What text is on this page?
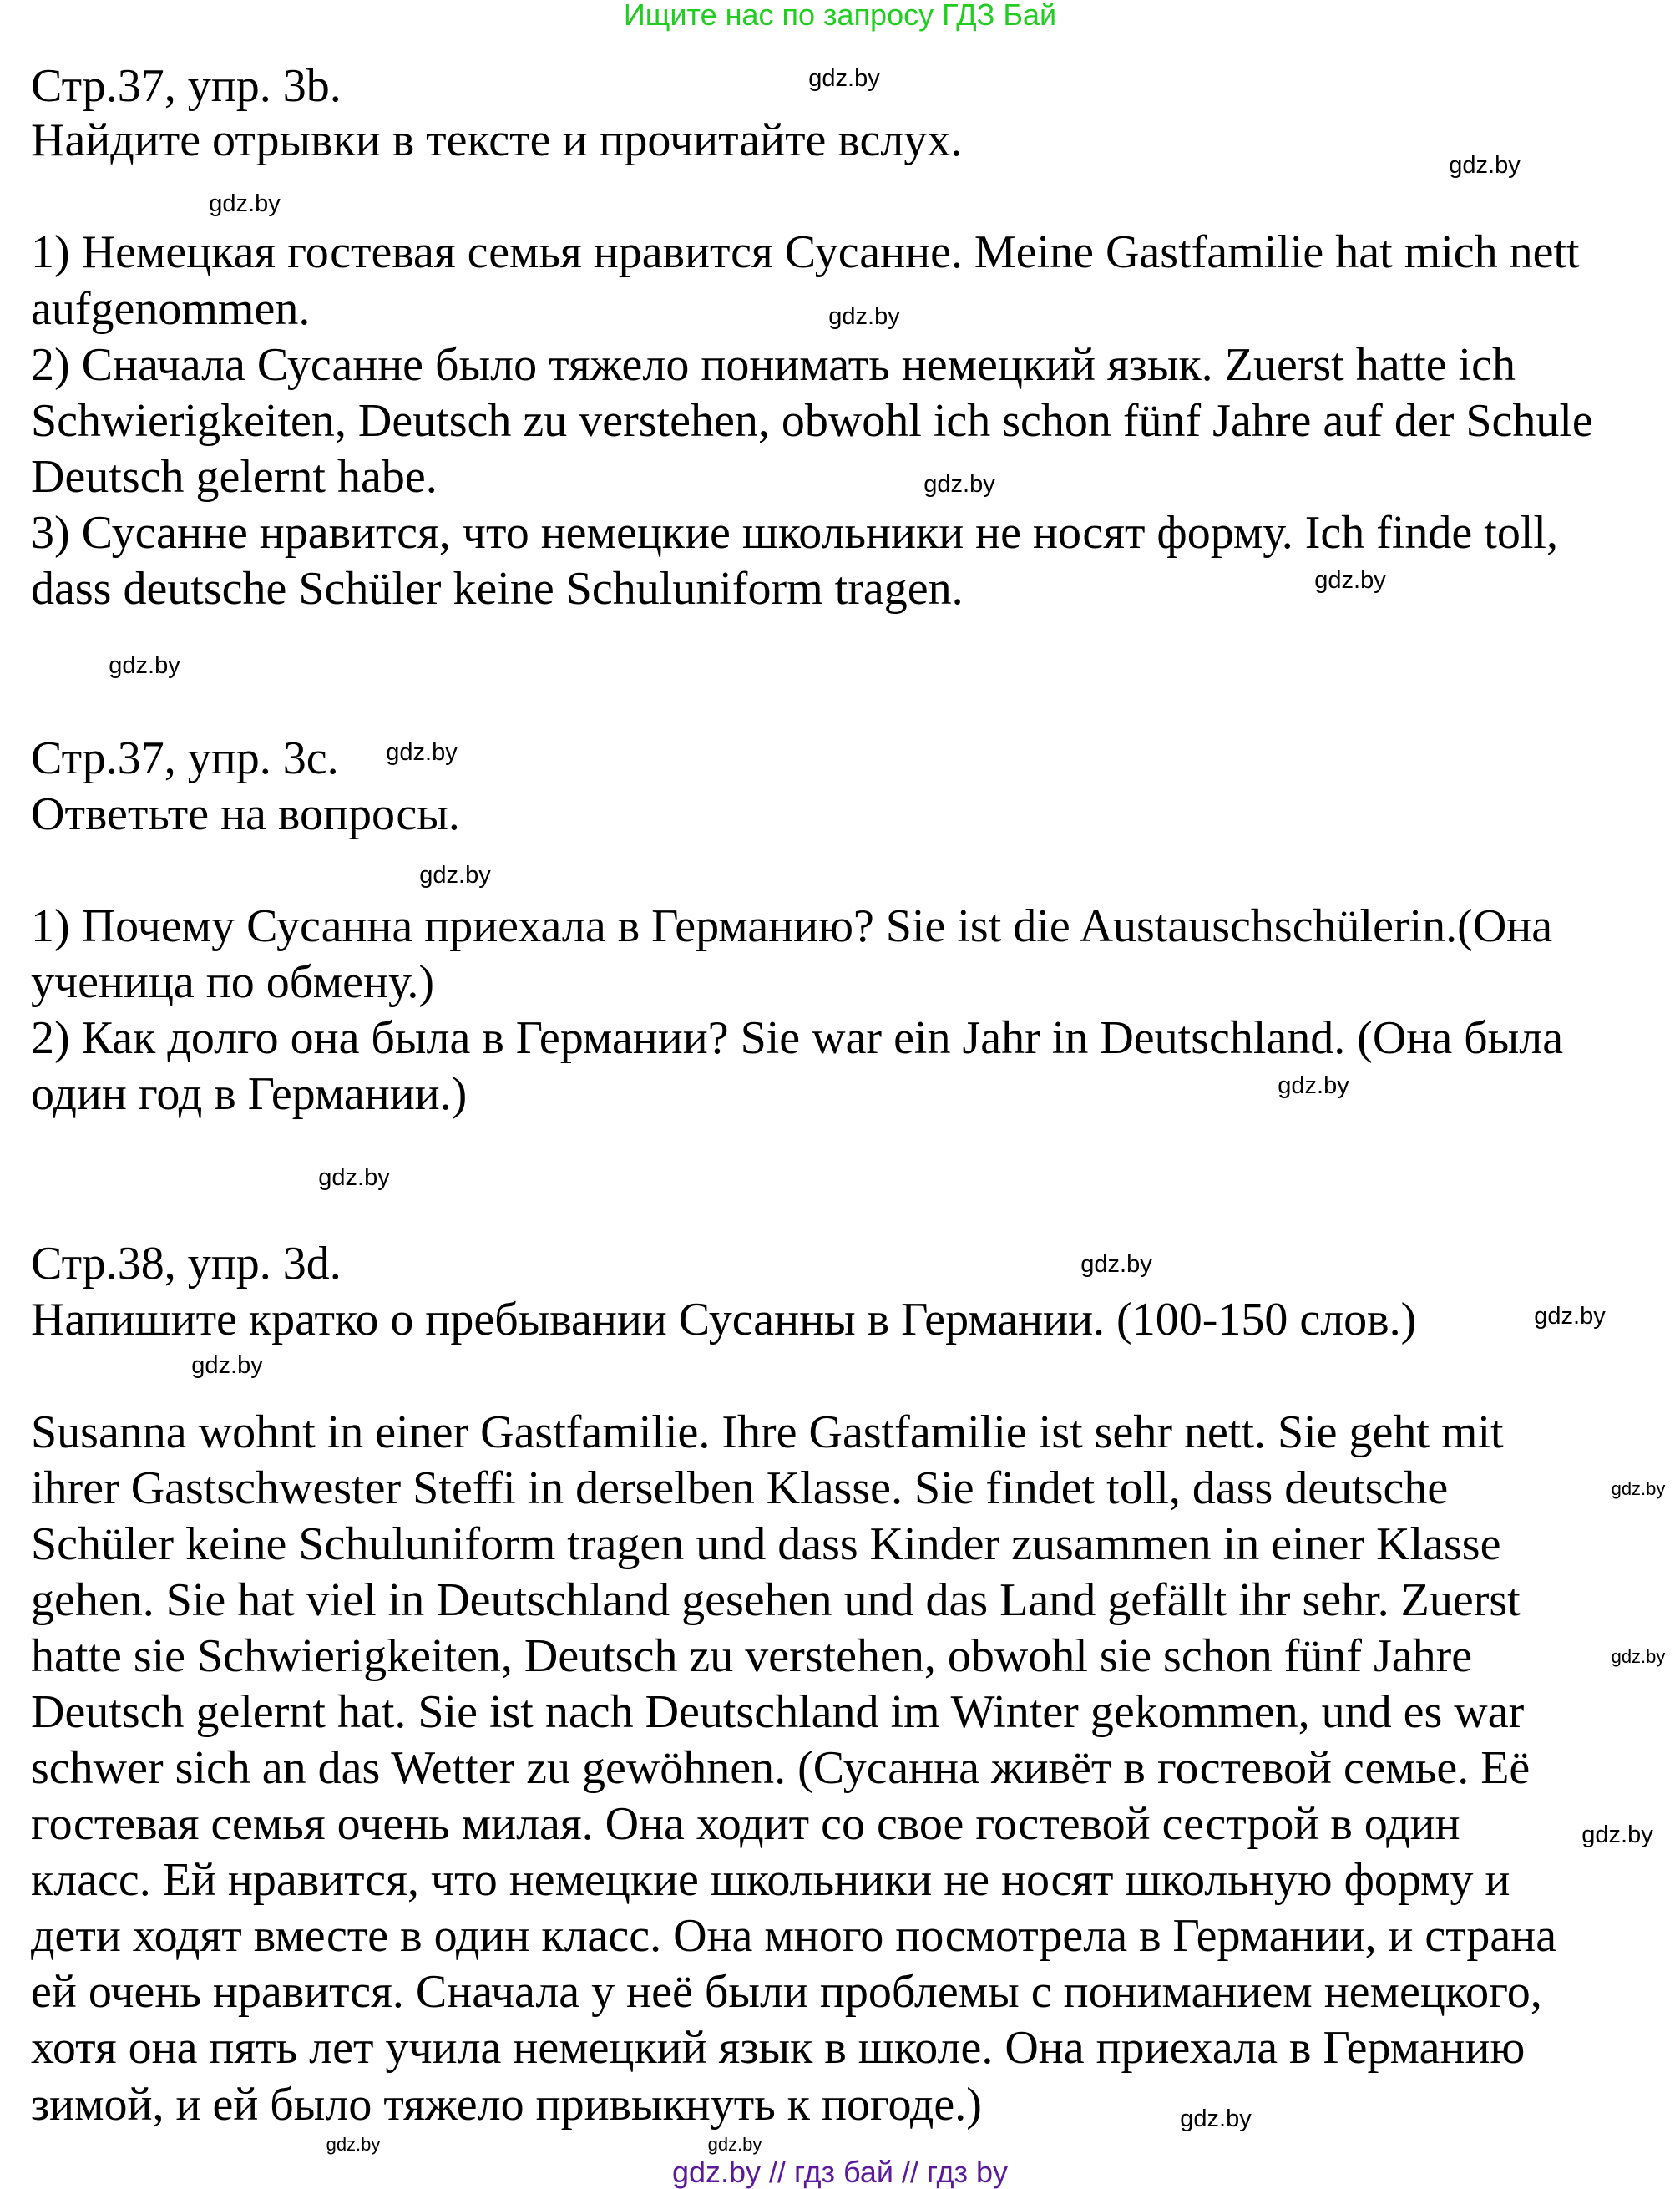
Ищите нас по запросу ГДЗ Бай
Стр.37, упр. 3b.
Найдите отрывки в тексте и прочитайте вслух.
1) Немецкая гостевая семья нравится Сусанне. Meine Gastfamilie hat mich nett
aufgenommen.
2) Сначала Сусанне было тяжело понимать немецкий язык. Zuerst hatte ich
Schwierigkeiten, Deutsch zu verstehen, obwohl ich schon fünf Jahre auf der Schule
Deutsch gelernt habe.
3) Сусанне нравится, что немецкие школьники не носят форму. Ich finde toll,
dass deutsche Schüler keine Schuluniform tragen.
Стр.37, упр. 3c.
Ответьте на вопросы.
1) Почему Сусанна приехала в Германию? Sie ist die Austauschschülerin.(Она
ученица по обмену.)
2) Как долго она была в Германии? Sie war ein Jahr in Deutschland. (Она была
один год в Германии.)
Стр.38, упр. 3d.
Напишите кратко о пребывании Сусанны в Германии. (100-150 слов.)
Susanna wohnt in einer Gastfamilie. Ihre Gastfamilie ist sehr nett. Sie geht mit
ihrer Gastschwester Steffi in derselben Klasse. Sie findet toll, dass deutsche
Schüler keine Schuluniform tragen und dass Kinder zusammen in einer Klasse
gehen. Sie hat viel in Deutschland gesehen und das Land gefällt ihr sehr. Zuerst
hatte sie Schwierigkeiten, Deutsch zu verstehen, obwohl sie schon fünf Jahre
Deutsch gelernt hat. Sie ist nach Deutschland im Winter gekommen, und es war
schwer sich an das Wetter zu gewöhnen. (Сусанна живёт в гостевой семье. Её
гостевая семья очень милая. Она ходит со свое гостевой сестрой в один
класс. Ей нравится, что немецкие школьники не носят школьную форму и
дети ходят вместе в один класс. Она много посмотрела в Германии, и страна
ей очень нравится. Сначала у неё были проблемы с пониманием немецкого,
хотя она пять лет учила немецкий язык в школе. Она приехала в Германию
зимой, и ей было тяжело привыкнуть к погоде.)
gdz.by // гдз бай // гдз by
gdz.by
gdz.by
gdz.by
gdz.by
gdz.by
gdz.by
gdz.by
gdz.by
gdz.by
gdz.by
gdz.by
gdz.by
gdz.by
gdz.by
gdz.by
gdz.by
gdz.by
gdz.by
gdz.by
gdz.by
